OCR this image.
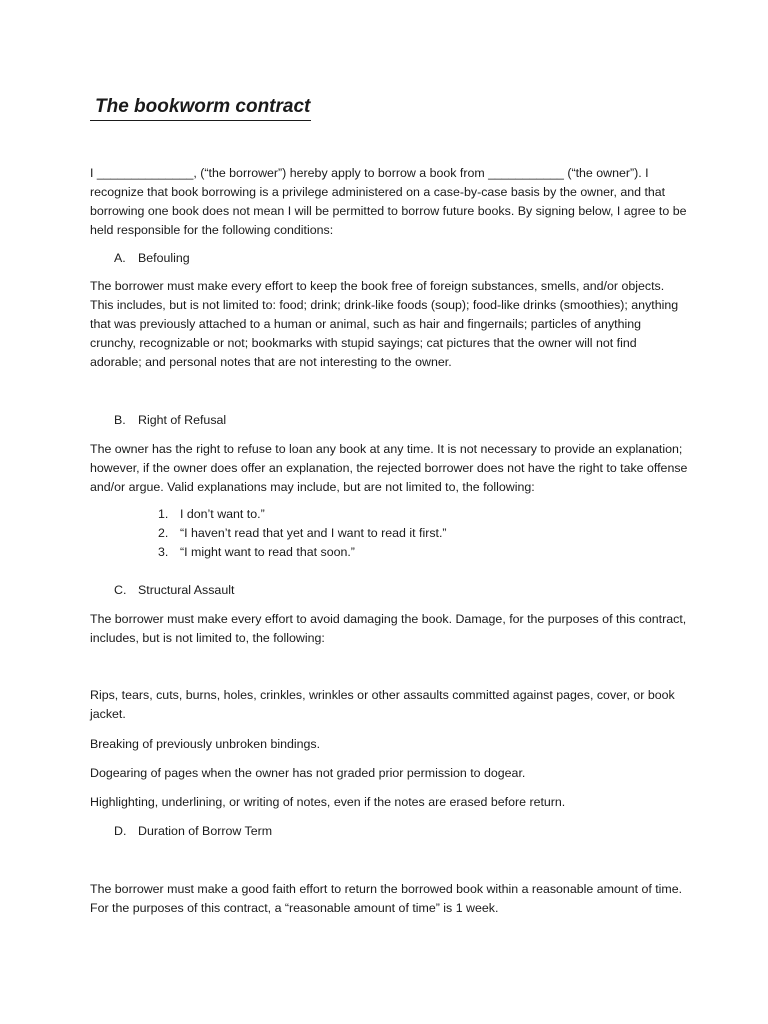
The bookworm contract

I ______________, (“the borrower”) hereby apply to borrow a book from ___________ (“the owner”). I recognize that book borrowing is a privilege administered on a case-by-case basis by the owner, and that borrowing one book does not mean I will be permitted to borrow future books. By signing below, I agree to be held responsible for the following conditions:

A. Befouling

The borrower must make every effort to keep the book free of foreign substances, smells, and/or objects. This includes, but is not limited to: food; drink; drink-like foods (soup); food-like drinks (smoothies); anything that was previously attached to a human or animal, such as hair and fingernails; particles of anything crunchy, recognizable or not; bookmarks with stupid sayings; cat pictures that the owner will not find adorable; and personal notes that are not interesting to the owner.

B. Right of Refusal

The owner has the right to refuse to loan any book at any time. It is not necessary to provide an explanation; however, if the owner does offer an explanation, the rejected borrower does not have the right to take offense and/or argue. Valid explanations may include, but are not limited to, the following:

1. I don’t want to.”
2. “I haven’t read that yet and I want to read it first.”
3. “I might want to read that soon.”
C. Structural Assault

The borrower must make every effort to avoid damaging the book. Damage, for the purposes of this contract, includes, but is not limited to, the following:

Rips, tears, cuts, burns, holes, crinkles, wrinkles or other assaults committed against pages, cover, or book jacket.

Breaking of previously unbroken bindings.

Dogearing of pages when the owner has not graded prior permission to dogear.

Highlighting, underlining, or writing of notes, even if the notes are erased before return.

D. Duration of Borrow Term

The borrower must make a good faith effort to return the borrowed book within a reasonable amount of time. For the purposes of this contract, a “reasonable amount of time” is 1 week.
